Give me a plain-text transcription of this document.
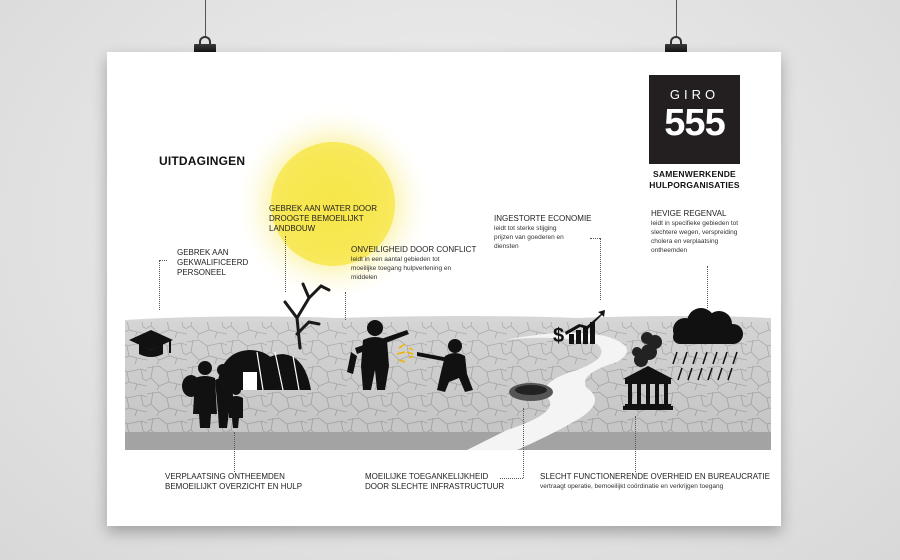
$
UITDAGINGEN
GIRO
555
SAMENWERKENDE
HULPORGANISATIES
GEBREK AAN
GEKWALIFICEERD
PERSONEEL
GEBREK AAN WATER DOOR
DROOGTE BEMOEILIJKT
LANDBOUW
ONVEILIGHEID DOOR CONFLICT
leidt in een aantal gebieden tot
moeilijke toegang hulpverlening en
middelen
INGESTORTE ECONOMIE
leidt tot sterke stijging
prijzen van goederen en
diensten
HEVIGE REGENVAL
leidt in specifieke gebieden tot
slechtere wegen, verspreiding
cholera en verplaatsing
ontheemden
VERPLAATSING ONTHEEMDEN
BEMOEILIJKT OVERZICHT EN HULP
MOEILIJKE TOEGANKELIJKHEID
DOOR SLECHTE INFRASTRUCTUUR
SLECHT FUNCTIONERENDE OVERHEID EN BUREAUCRATIE
vertraagt operatie, bemoeilijkt coördinatie en verkrijgen toegang
